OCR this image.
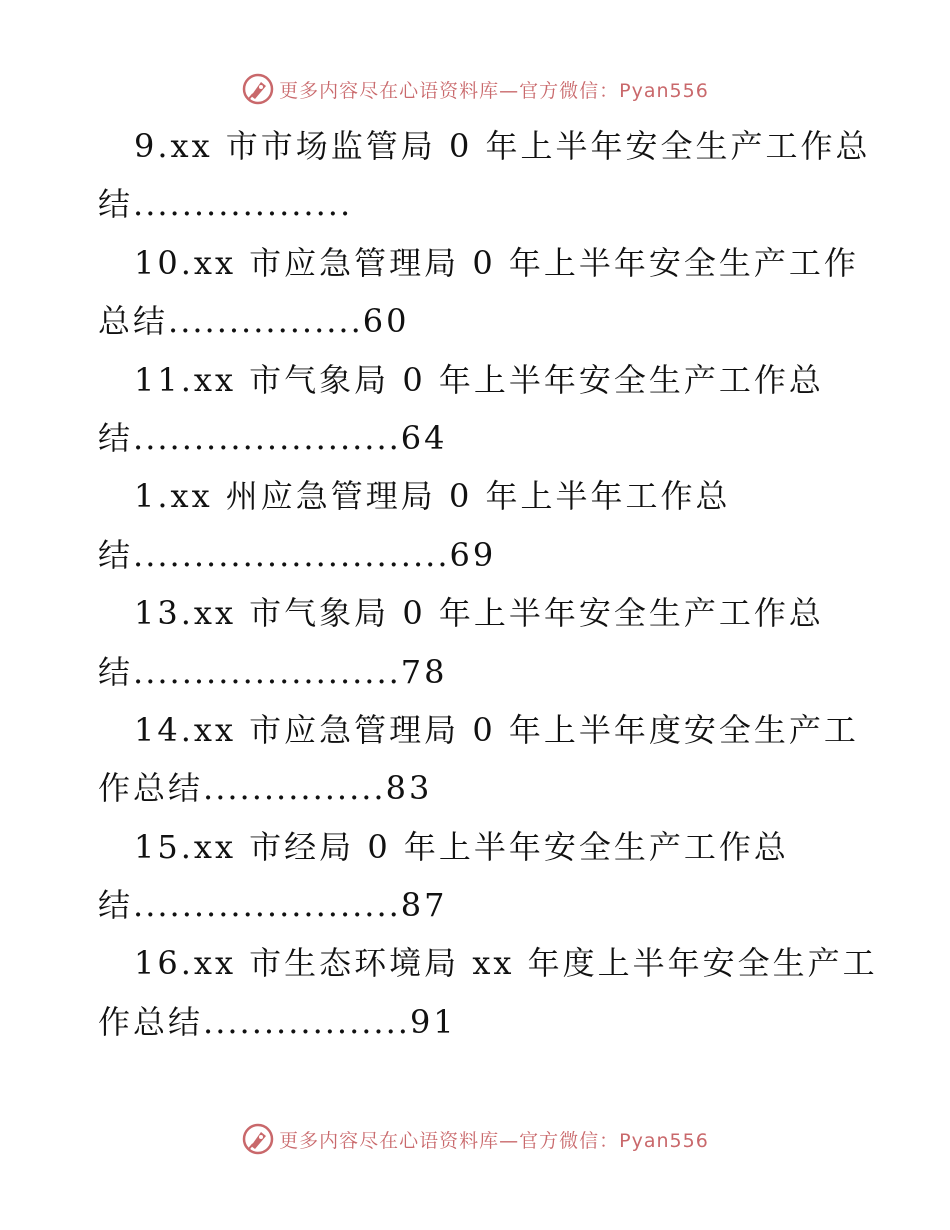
更多内容尽在心语资料库—官方微信：Pyan556
9.xx 市市场监管局 0 年上半年安全生产工作总
结..................
10.xx 市应急管理局 0 年上半年安全生产工作
总结................60
11.xx 市气象局 0 年上半年安全生产工作总
结......................64
1.xx 州应急管理局 0 年上半年工作总
结..........................69
13.xx 市气象局 0 年上半年安全生产工作总
结......................78
14.xx 市应急管理局 0 年上半年度安全生产工
作总结...............83
15.xx 市经局 0 年上半年安全生产工作总
结......................87
16.xx 市生态环境局 xx 年度上半年安全生产工
作总结.................91
更多内容尽在心语资料库—官方微信：Pyan556
